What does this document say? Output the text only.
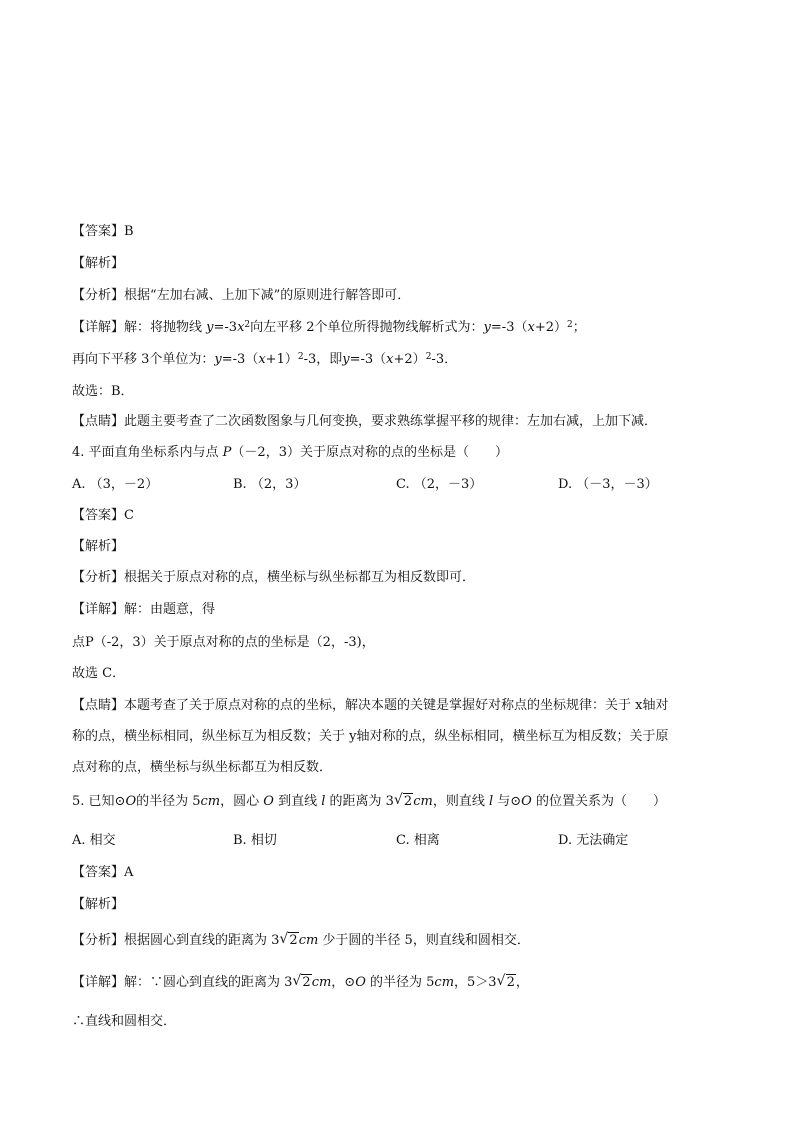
【答案】B
【解析】
【分析】根据“左加右减、上加下减”的原则进行解答即可．
【详解】解：将抛物线 $y=-3x^2$向左平移 2个单位所得抛物线解析式为：$y=-3(x+2)^2$；
再向下平移 3个单位为：$y=-3(x+1)^2-3$，即$y=-3(x+2)^2-3$．
故选：B．
【点睛】此题主要考查了二次函数图象与几何变换，要求熟练掌握平移的规律：左加右减，上加下减．
4. 平面直角坐标系内与点 P（－2，3）关于原点对称的点的坐标是（　　）
A. （3，－2）	B. （2，3）	C. （2，－3）	D. （－3，－3）
【答案】C
【解析】
【分析】根据关于原点对称的点，横坐标与纵坐标都互为相反数即可．
【详解】解：由题意，得
点P（-2，3）关于原点对称的点的坐标是（2，-3)，
故选 C．
【点睛】本题考查了关于原点对称的点的坐标，解决本题的关键是掌握好对称点的坐标规律：关于 x轴对
称的点，横坐标相同，纵坐标互为相反数；关于 y轴对称的点，纵坐标相同，横坐标互为相反数；关于原
点对称的点，横坐标与纵坐标都互为相反数．
5. 已知⊙O的半径为 5cm，圆心 O 到直线 l 的距离为 3 √ 2cm，则直线 l 与⊙O 的位置关系为（　　）
A. 相交	B. 相切	C. 相离	D. 无法确定
【答案】A
【解析】
【分析】根据圆心到直线的距离为 3 √ 2cm 少于圆的半径 5，则直线和圆相交．
【详解】解：∵圆心到直线的距离为 3 √ 2cm，⊙O 的半径为 5cm，5＞3 √ 2，
∴直线和圆相交．
